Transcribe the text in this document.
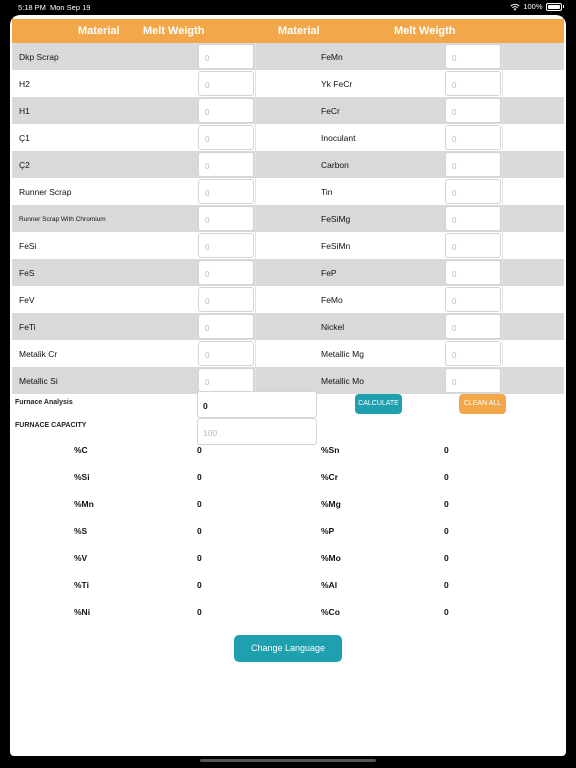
5:18 PM Mon Sep 19	100%
Material Melt Weigth	Material	Melt Weigth
Dkp Scrap	0	FeMn	0
H2	0	Yk FeCr	0
H1	0	FeCr	0
Ç1	0	Inoculant	0
Ç2	0	Carbon	0
Runner Scrap	0	Tin	0
Runner Scrap With Chromium	0	FeSiMg	0
FeSi	0	FeSiMn	0
FeS	0	FeP	0
FeV	0	FeMo	0
FeTi	0	Nickel	0
Metalik Cr	0	Metallic Mg	0
Metallic Si	0	Metallic Mo	0
Furnace Analysis	0	CALCULATE	CLEAN ALL
FURNACE CAPACITY
100
%C	0	%Sn	0
%Si	0	%Cr	0
%Mn	0	%Mg	0
%S	0	%P	0
%V	0	%Mo	0
%Ti	0	%Al	0
%Ni	0	%Co	0
Change Language
